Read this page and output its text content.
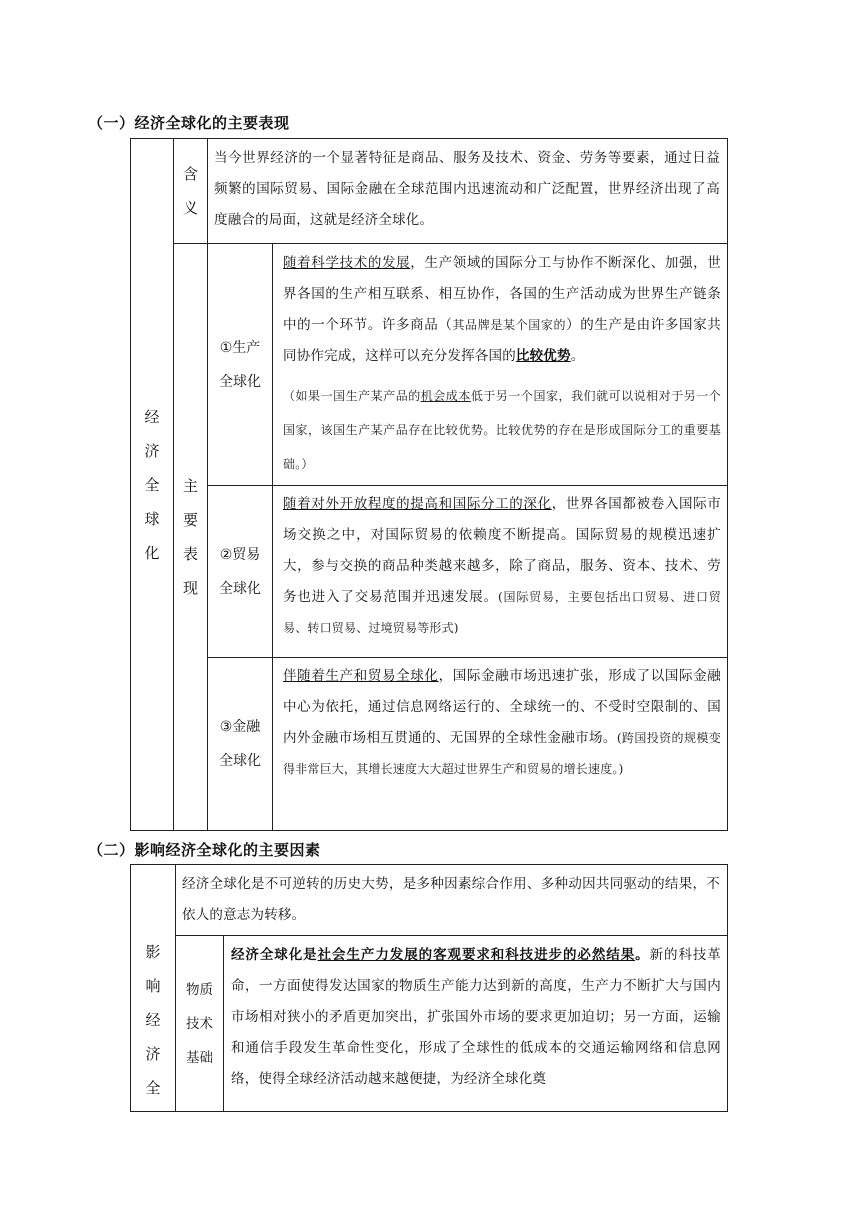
（一）经济全球化的主要表现
经
济
全
球
化
含
义
当今世界经济的一个显著特征是商品、服务及技术、资金、劳务等要素，通过日益频繁的国际贸易、国际金融在全球范围内迅速流动和广泛配置，世界经济出现了高度融合的局面，这就是经济全球化。
主
要
表
现
①生产
全球化
随着科学技术的发展，生产领域的国际分工与协作不断深化、加强，世界各国的生产相互联系、相互协作，各国的生产活动成为世界生产链条中的一个环节。许多商品（其品牌是某个国家的）的生产是由许多国家共同协作完成，这样可以充分发挥各国的比较优势。
（如果一国生产某产品的机会成本低于另一个国家，我们就可以说相对于另一个国家，该国生产某产品存在比较优势。比较优势的存在是形成国际分工的重要基础。）
②贸易
全球化
随着对外开放程度的提高和国际分工的深化，世界各国都被卷入国际市场交换之中，对国际贸易的依赖度不断提高。国际贸易的规模迅速扩大，参与交换的商品种类越来越多，除了商品，服务、资本、技术、劳务也进入了交易范围并迅速发展。(国际贸易，主要包括出口贸易、进口贸易、转口贸易、过境贸易等形式)
③金融
全球化
伴随着生产和贸易全球化，国际金融市场迅速扩张，形成了以国际金融中心为依托，通过信息网络运行的、全球统一的、不受时空限制的、国内外金融市场相互贯通的、无国界的全球性金融市场。(跨国投资的规模变得非常巨大，其增长速度大大超过世界生产和贸易的增长速度。)
（二）影响经济全球化的主要因素
影
响
经
济
全
经济全球化是不可逆转的历史大势，是多种因素综合作用、多种动因共同驱动的结果，不依人的意志为转移。
物质
技术
基础
经济全球化是社会生产力发展的客观要求和科技进步的必然结果。新的科技革命，一方面使得发达国家的物质生产能力达到新的高度，生产力不断扩大与国内市场相对狭小的矛盾更加突出，扩张国外市场的要求更加迫切；另一方面，运输和通信手段发生革命性变化，形成了全球性的低成本的交通运输网络和信息网络，使得全球经济活动越来越便捷，为经济全球化奠
